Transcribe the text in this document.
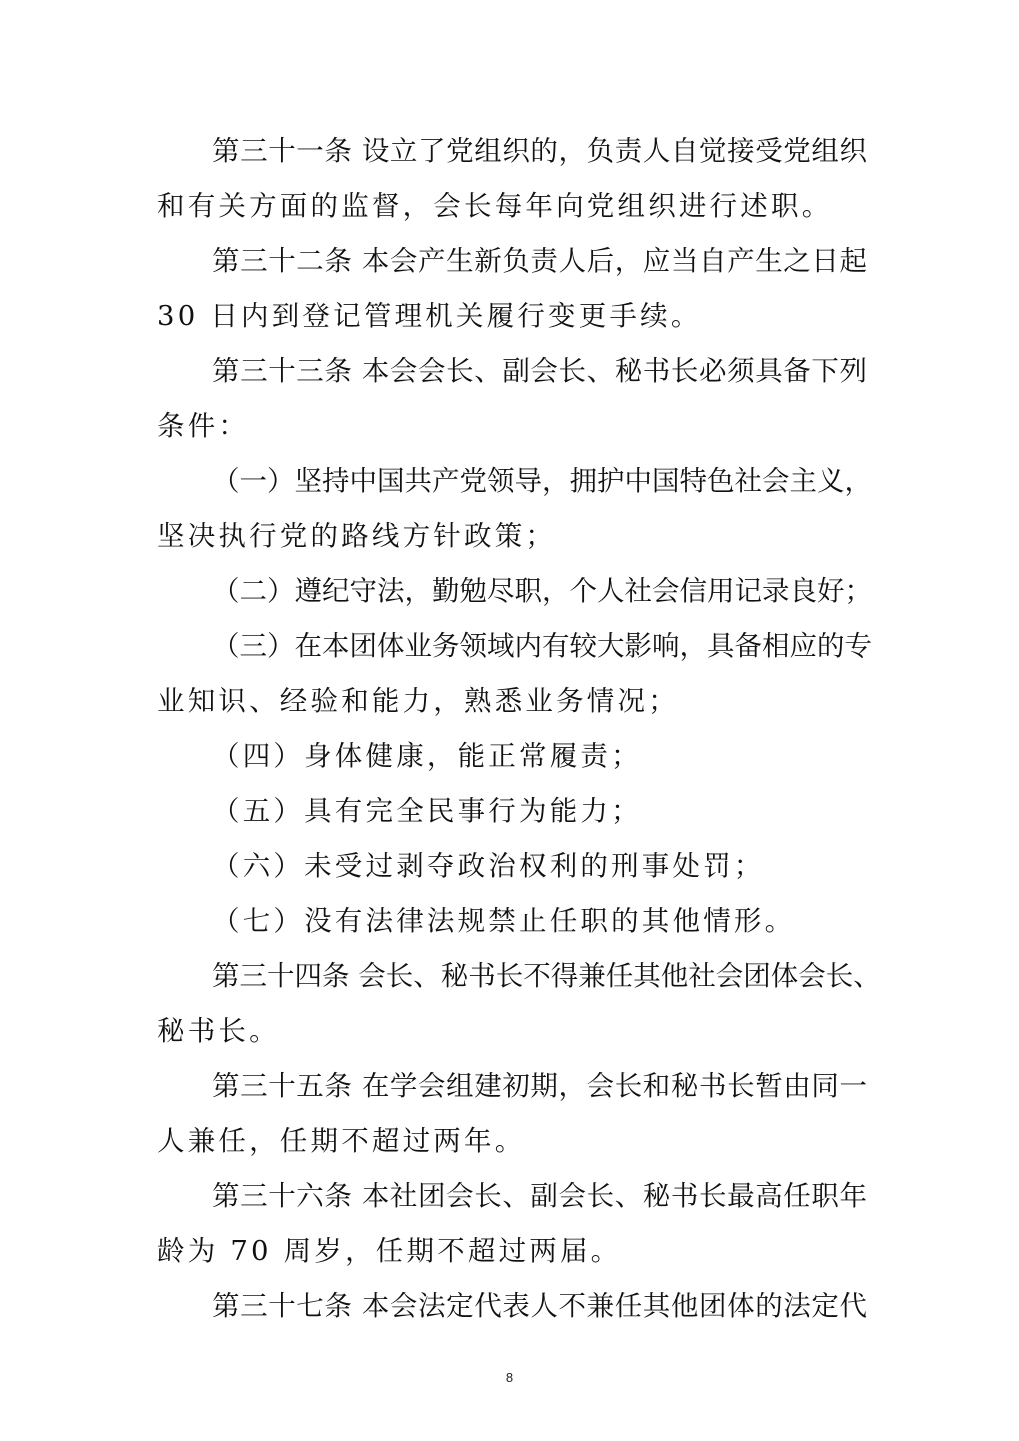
第三十一条 设立了党组织的，负责人自觉接受党组织
和有关方面的监督，会长每年向党组织进行述职。
第三十二条 本会产生新负责人后，应当自产生之日起
30 日内到登记管理机关履行变更手续。
第三十三条 本会会长、副会长、秘书长必须具备下列
条件：
（一）坚持中国共产党领导，拥护中国特色社会主义，
坚决执行党的路线方针政策；
（二）遵纪守法，勤勉尽职，个人社会信用记录良好；
（三）在本团体业务领域内有较大影响，具备相应的专
业知识、经验和能力，熟悉业务情况；
（四）身体健康，能正常履责；
（五）具有完全民事行为能力；
（六）未受过剥夺政治权利的刑事处罚；
（七）没有法律法规禁止任职的其他情形。
第三十四条 会长、秘书长不得兼任其他社会团体会长、
秘书长。
第三十五条 在学会组建初期，会长和秘书长暂由同一
人兼任，任期不超过两年。
第三十六条 本社团会长、副会长、秘书长最高任职年
龄为 70 周岁，任期不超过两届。
第三十七条 本会法定代表人不兼任其他团体的法定代
8
